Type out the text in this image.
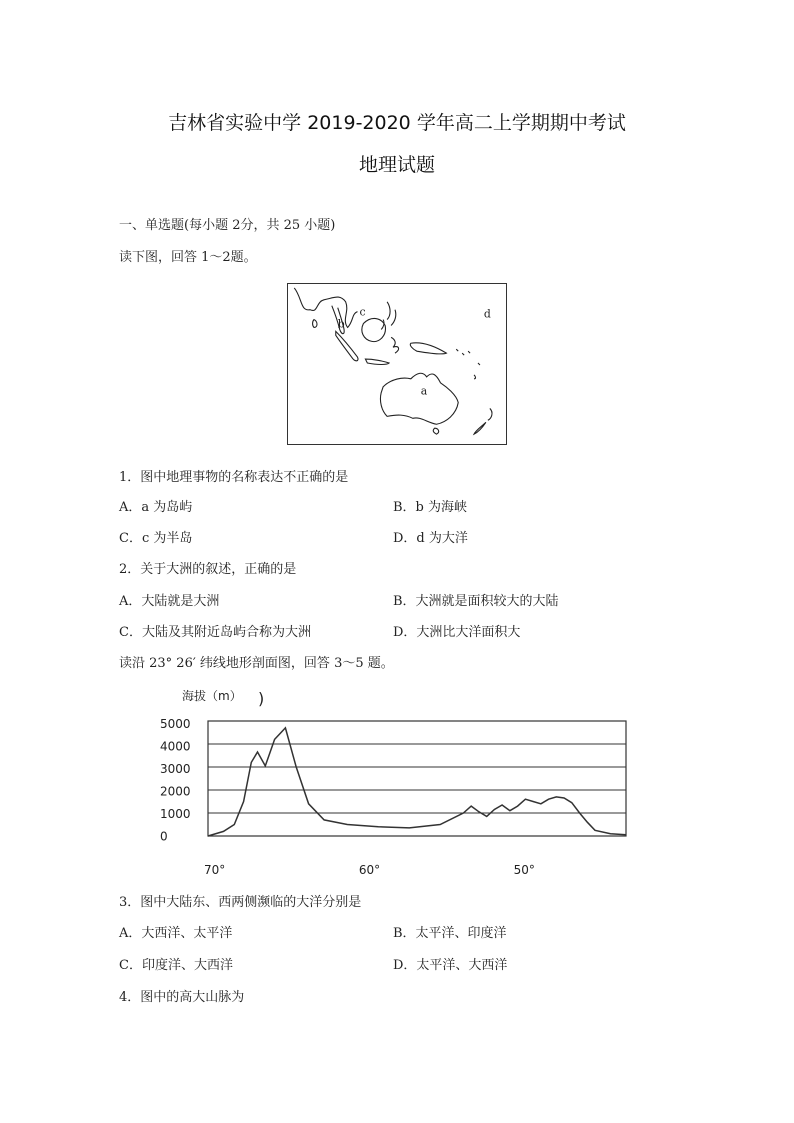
吉林省实验中学 2019-2020 学年高二上学期期中考试
地理试题
一、单选题(每小题 2分，共 25 小题)
读下图，回答 1～2题。
a
b
c	d
1．图中地理事物的名称表达不正确的是
A．a 为岛屿	B．b 为海峡
C．c 为半岛	D．d 为大洋
2．关于大洲的叙述，正确的是
A．大陆就是大洲	B．大洲就是面积较大的大陆
C．大陆及其附近岛屿合称为大洲	D．大洲比大洋面积大
读沿 23° 26′ 纬线地形剖面图，回答 3～5 题。
海拔（m） )
5000
4000
3000
2000
1000
0
70°	60°	50°
3．图中大陆东、西两侧濒临的大洋分别是
A．大西洋、太平洋	B．太平洋、印度洋
C．印度洋、大西洋	D．太平洋、大西洋
4．图中的高大山脉为
